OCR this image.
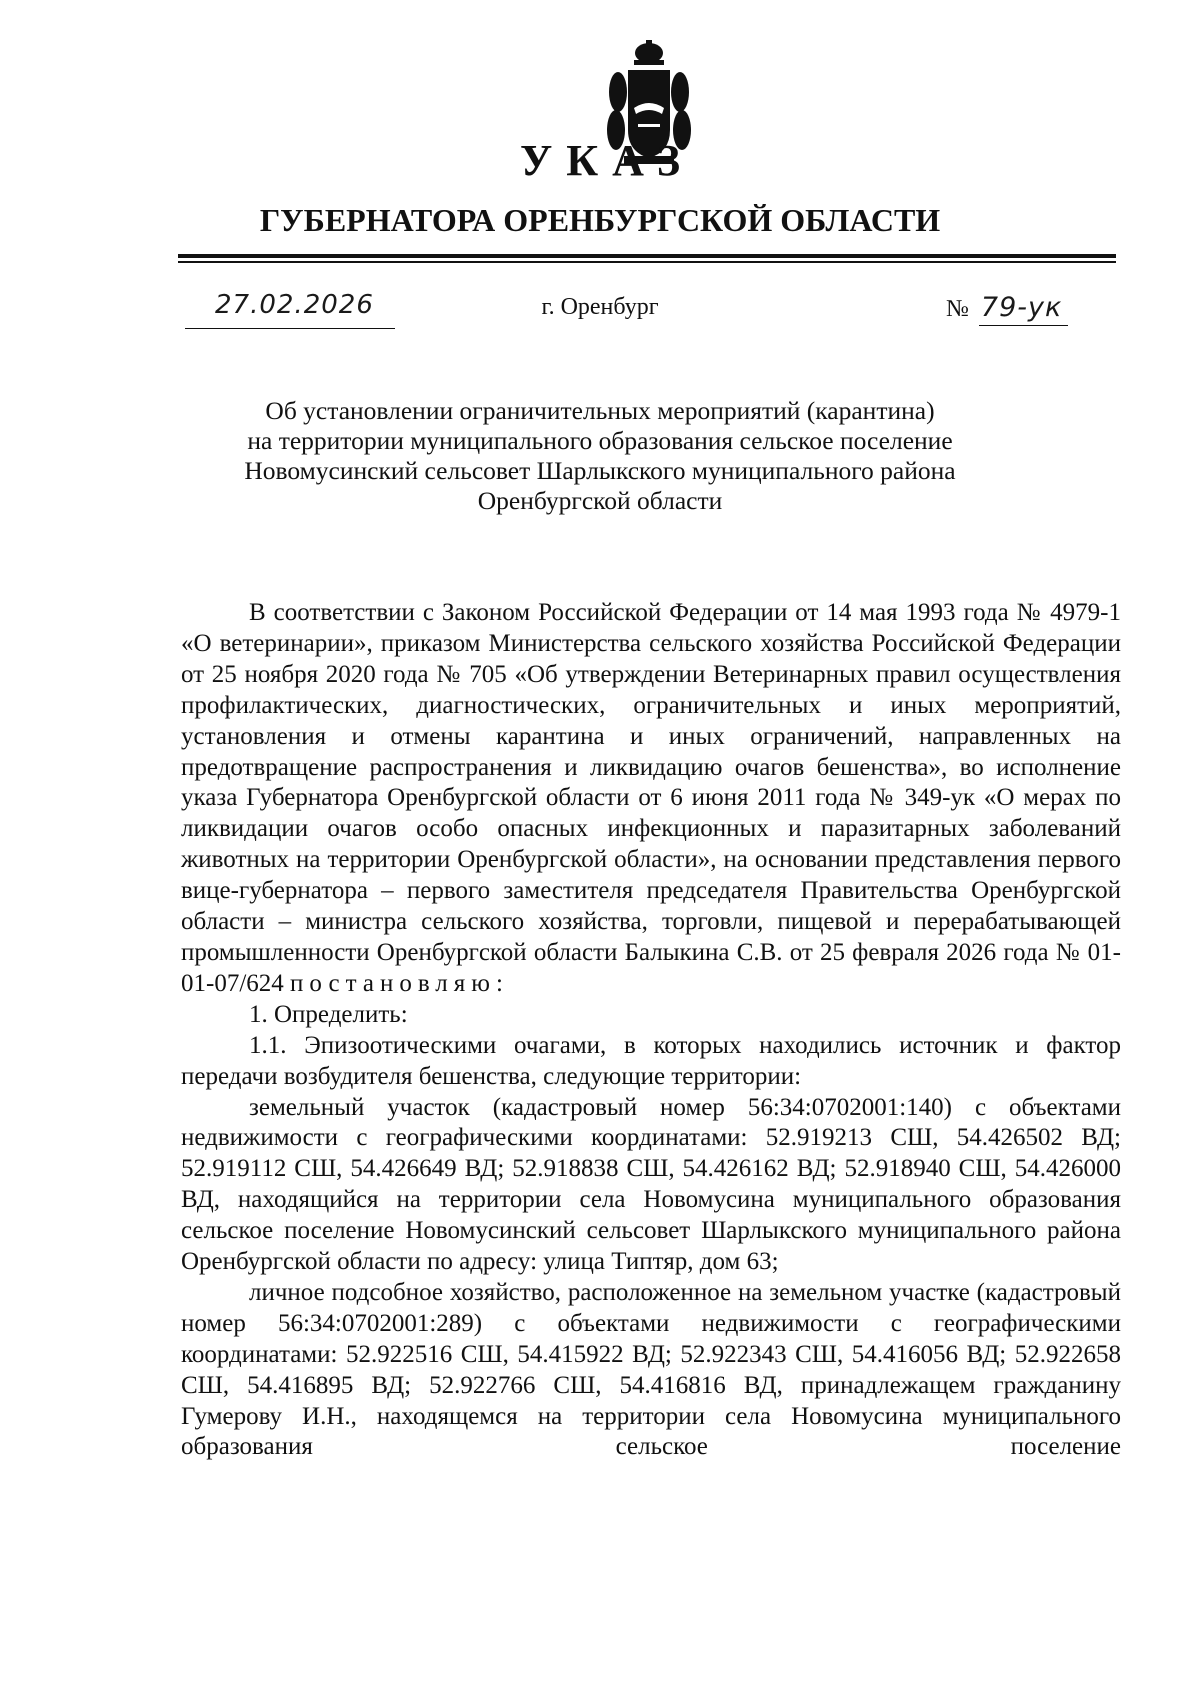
УКАЗ
ГУБЕРНАТОРА ОРЕНБУРГСКОЙ ОБЛАСТИ
27.02.2026	г. Оренбург	№ 79-ук
Об установлении ограничительных мероприятий (карантина)
на территории муниципального образования сельское поселение
Новомусинский сельсовет Шарлыкского муниципального района
Оренбургской области

В соответствии с Законом Российской Федерации от 14 мая 1993 года № 4979-1 «О ветеринарии», приказом Министерства сельского хозяйства Российской Федерации от 25 ноября 2020 года № 705 «Об утверждении Ветеринарных правил осуществления профилактических, диагностических, ограничительных и иных мероприятий, установления и отмены карантина и иных ограничений, направленных на предотвращение распространения и ликвидацию очагов бешенства», во исполнение указа Губернатора Оренбургской области от 6 июня 2011 года № 349-ук «О мерах по ликвидации очагов особо опасных инфекционных и паразитарных заболеваний животных на территории Оренбургской области», на основании представления первого вице-губернатора – первого заместителя председателя Правительства Оренбургской области – министра сельского хозяйства, торговли, пищевой и перерабатывающей промышленности Оренбургской области Балыкина С.В. от 25 февраля 2026 года № 01-01-07/624 постановляю:

1. Определить:

1.1. Эпизоотическими очагами, в которых находились источник и фактор передачи возбудителя бешенства, следующие территории:

земельный участок (кадастровый номер 56:34:0702001:140) с объектами недвижимости с географическими координатами: 52.919213 СШ, 54.426502 ВД; 52.919112 СШ, 54.426649 ВД; 52.918838 СШ, 54.426162 ВД; 52.918940 СШ, 54.426000 ВД, находящийся на территории села Новомусина муниципального образования сельское поселение Новомусинский сельсовет Шарлыкского муниципального района Оренбургской области по адресу: улица Типтяр, дом 63;

личное подсобное хозяйство, расположенное на земельном участке (кадастровый номер 56:34:0702001:289) с объектами недвижимости с географическими координатами: 52.922516 СШ, 54.415922 ВД; 52.922343 СШ, 54.416056 ВД; 52.922658 СШ, 54.416895 ВД; 52.922766 СШ, 54.416816 ВД, принадлежащем гражданину Гумерову И.Н., находящемся на территории села Новомусина муниципального образования сельское поселение
